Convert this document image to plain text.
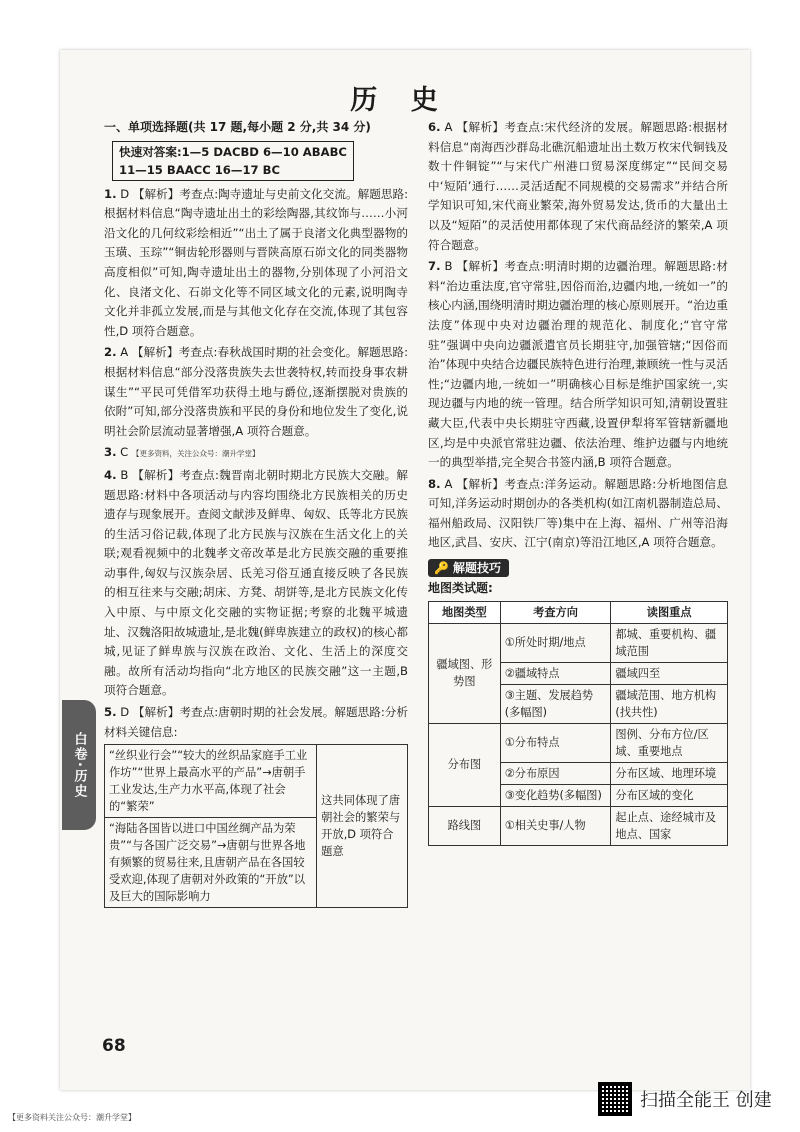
历 史
白卷·历史
一、单项选择题(共 17 题,每小题 2 分,共 34 分)
快速对答案:1—5 DACBD 6—10 ABABC
11—15 BAACC 16—17 BC
1. D 【解析】考查点:陶寺遗址与史前文化交流。解题思路:根据材料信息“陶寺遗址出土的彩绘陶器,其纹饰与……小河沿文化的几何纹彩绘相近”“出土了属于良渚文化典型器物的玉璜、玉琮”“铜齿轮形器则与晋陕高原石峁文化的同类器物高度相似”可知,陶寺遗址出土的器物,分别体现了小河沿文化、良渚文化、石峁文化等不同区域文化的元素,说明陶寺文化并非孤立发展,而是与其他文化存在交流,体现了其包容性,D 项符合题意。
2. A 【解析】考查点:春秋战国时期的社会变化。解题思路:根据材料信息“部分没落贵族失去世袭特权,转而投身事农耕谋生”“平民可凭借军功获得土地与爵位,逐渐摆脱对贵族的依附”可知,部分没落贵族和平民的身份和地位发生了变化,说明社会阶层流动显著增强,A 项符合题意。
3. C 【更多资料，关注公众号：潮升学堂】
4. B 【解析】考查点:魏晋南北朝时期北方民族大交融。解题思路:材料中各项活动与内容均围绕北方民族相关的历史遗存与现象展开。查阅文献涉及鲜卑、匈奴、氐等北方民族的生活习俗记载,体现了北方民族与汉族在生活文化上的关联;观看视频中的北魏孝文帝改革是北方民族交融的重要推动事件,匈奴与汉族杂居、氐羌习俗互通直接反映了各民族的相互往来与交融;胡床、方凳、胡饼等,是北方民族文化传入中原、与中原文化交融的实物证据;考察的北魏平城遗址、汉魏洛阳故城遗址,是北魏(鲜卑族建立的政权)的核心都城,见证了鲜卑族与汉族在政治、文化、生活上的深度交融。故所有活动均指向“北方地区的民族交融”这一主题,B 项符合题意。
5. D 【解析】考查点:唐朝时期的社会发展。解题思路:分析材料关键信息:
“丝织业行会”“较大的丝织品家庭手工业作坊”“世界上最高水平的产品”→唐朝手工业发达,生产力水平高,体现了社会的“繁荣”	这共同体现了唐朝社会的繁荣与开放,D 项符合题意
“海陆各国皆以进口中国丝绸产品为荣贵”“与各国广泛交易”→唐朝与世界各地有频繁的贸易往来,且唐朝产品在各国较受欢迎,体现了唐朝对外政策的“开放”以及巨大的国际影响力
6. A 【解析】考查点:宋代经济的发展。解题思路:根据材料信息“南海西沙群岛北礁沉船遗址出土数万枚宋代铜钱及数十件铜锭”“与宋代广州港口贸易深度绑定”“民间交易中‘短陌’通行……灵活适配不同规模的交易需求”并结合所学知识可知,宋代商业繁荣,海外贸易发达,货币的大量出土以及“短陌”的灵活使用都体现了宋代商品经济的繁荣,A 项符合题意。
7. B 【解析】考查点:明清时期的边疆治理。解题思路:材料“治边重法度,官守常驻,因俗而治,边疆内地,一统如一”的核心内涵,围绕明清时期边疆治理的核心原则展开。“治边重法度”体现中央对边疆治理的规范化、制度化;“官守常驻”强调中央向边疆派遣官员长期驻守,加强管辖;“因俗而治”体现中央结合边疆民族特色进行治理,兼顾统一性与灵活性;“边疆内地,一统如一”明确核心目标是维护国家统一,实现边疆与内地的统一管理。结合所学知识可知,清朝设置驻藏大臣,代表中央长期驻守西藏,设置伊犁将军管辖新疆地区,均是中央派官常驻边疆、依法治理、维护边疆与内地统一的典型举措,完全契合书签内涵,B 项符合题意。
8. A 【解析】考查点:洋务运动。解题思路:分析地图信息可知,洋务运动时期创办的各类机构(如江南机器制造总局、福州船政局、汉阳铁厂等)集中在上海、福州、广州等沿海地区,武昌、安庆、江宁(南京)等沿江地区,A 项符合题意。
🔑 解题技巧
地图类试题:
地图类型	考查方向	读图重点
疆域图、形势图	①所处时期/地点	都城、重要机构、疆域范围
	②疆域特点	疆域四至
	③主题、发展趋势(多幅图)	疆域范围、地方机构(找共性)
分布图	①分布特点	图例、分布方位/区域、重要地点
	②分布原因	分布区域、地理环境
	③变化趋势(多幅图)	分布区域的变化
路线图	①相关史事/人物	起止点、途经城市及地点、国家
68
【更多资料关注公众号：潮升学堂】
扫描全能王 创建
